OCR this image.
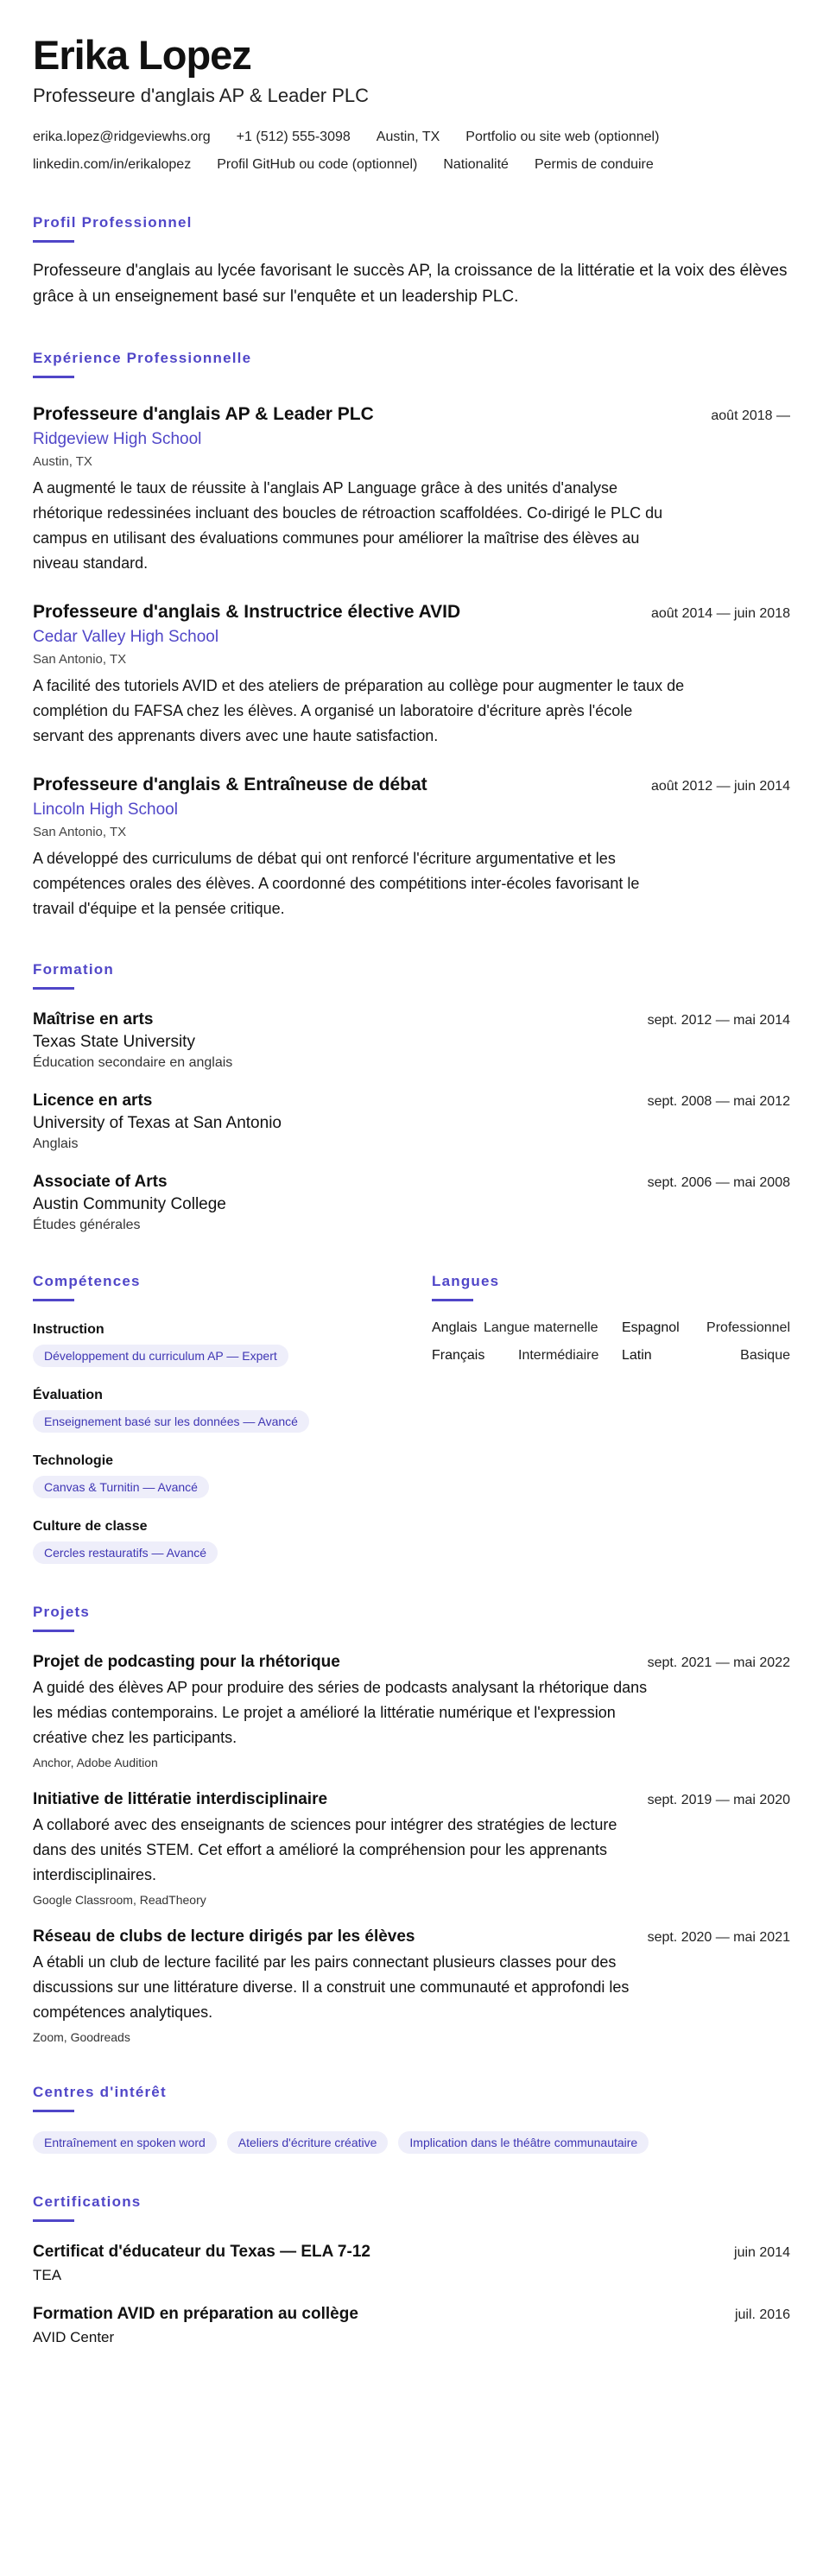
Erika Lopez
Professeure d'anglais AP & Leader PLC
erika.lopez@ridgeviewhs.org +1 (512) 555-3098 Austin, TX Portfolio ou site web (optionnel)
linkedin.com/in/erikalopez Profil GitHub ou code (optionnel) Nationalité Permis de conduire
Profil Professionnel

Professeure d'anglais au lycée favorisant le succès AP, la croissance de la littératie et la voix des élèves grâce à un enseignement basé sur l'enquête et un leadership PLC.

Expérience Professionnelle
Professeure d'anglais AP & Leader PLC	août 2018 —
Ridgeview High School
Austin, TX

A augmenté le taux de réussite à l'anglais AP Language grâce à des unités d'analyse rhétorique redessinées incluant des boucles de rétroaction scaffoldées. Co-dirigé le PLC du campus en utilisant des évaluations communes pour améliorer la maîtrise des élèves au niveau standard.

Professeure d'anglais & Instructrice élective AVID	août 2014 — juin 2018
Cedar Valley High School
San Antonio, TX

A facilité des tutoriels AVID et des ateliers de préparation au collège pour augmenter le taux de complétion du FAFSA chez les élèves. A organisé un laboratoire d'écriture après l'école servant des apprenants divers avec une haute satisfaction.

Professeure d'anglais & Entraîneuse de débat	août 2012 — juin 2014
Lincoln High School
San Antonio, TX

A développé des curriculums de débat qui ont renforcé l'écriture argumentative et les compétences orales des élèves. A coordonné des compétitions inter-écoles favorisant le travail d'équipe et la pensée critique.

Formation
Maîtrise en arts	sept. 2012 — mai 2014
Texas State University
Éducation secondaire en anglais
Licence en arts	sept. 2008 — mai 2012
University of Texas at San Antonio
Anglais
Associate of Arts	sept. 2006 — mai 2008
Austin Community College
Études générales
Compétences
Instruction
Développement du curriculum AP — Expert
Évaluation
Enseignement basé sur les données — Avancé
Technologie
Canvas & Turnitin — Avancé
Culture de classe
Cercles restauratifs — Avancé
Langues
Anglais Langue maternelle	Espagnol	Professionnel
Français	Intermédiaire	Latin	Basique
Projets
Projet de podcasting pour la rhétorique	sept. 2021 — mai 2022

A guidé des élèves AP pour produire des séries de podcasts analysant la rhétorique dans les médias contemporains. Le projet a amélioré la littératie numérique et l'expression créative chez les participants.

Anchor, Adobe Audition
Initiative de littératie interdisciplinaire	sept. 2019 — mai 2020

A collaboré avec des enseignants de sciences pour intégrer des stratégies de lecture dans des unités STEM. Cet effort a amélioré la compréhension pour les apprenants interdisciplinaires.

Google Classroom, ReadTheory
Réseau de clubs de lecture dirigés par les élèves	sept. 2020 — mai 2021

A établi un club de lecture facilité par les pairs connectant plusieurs classes pour des discussions sur une littérature diverse. Il a construit une communauté et approfondi les compétences analytiques.

Zoom, Goodreads
Centres d'intérêt
Entraînement en spoken word	Ateliers d'écriture créative	Implication dans le théâtre communautaire
Certifications
Certificat d'éducateur du Texas — ELA 7-12	juin 2014
TEA
Formation AVID en préparation au collège	juil. 2016
AVID Center
